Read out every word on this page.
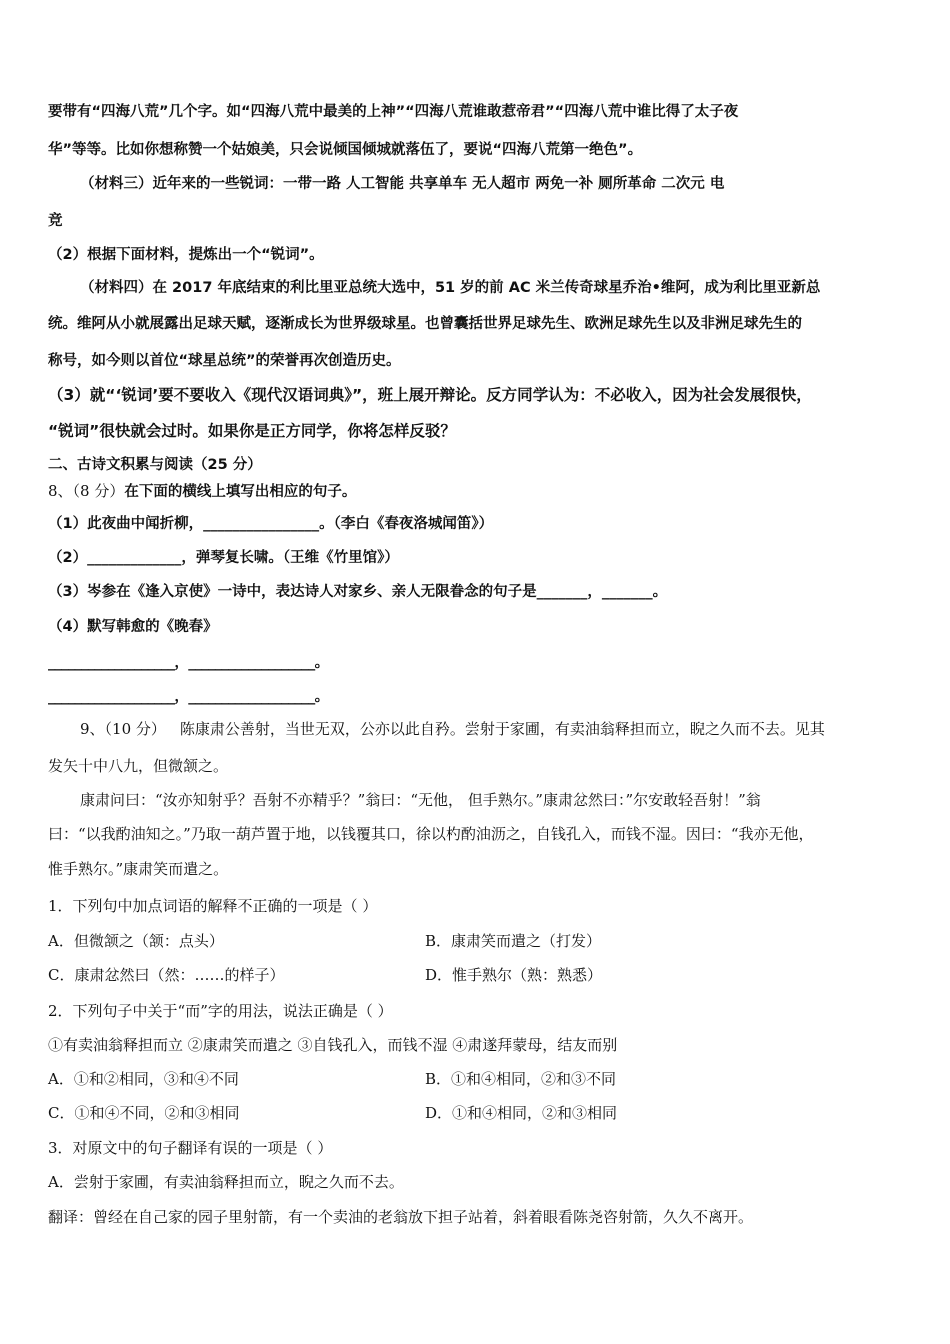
要带有“四海八荒”几个字。如“四海八荒中最美的上神”“四海八荒谁敢惹帝君”“四海八荒中谁比得了太子夜
华”等等。比如你想称赞一个姑娘美，只会说倾国倾城就落伍了，要说“四海八荒第一绝色”。
（材料三）近年来的一些锐词：一带一路 人工智能 共享单车 无人超市 两免一补 厕所革命 二次元 电
竞
（2）根据下面材料，提炼出一个“锐词”。
（材料四）在 2017 年底结束的利比里亚总统大选中，51 岁的前 AC 米兰传奇球星乔治•维阿，成为利比里亚新总
统。维阿从小就展露出足球天赋，逐渐成长为世界级球星。也曾囊括世界足球先生、欧洲足球先生以及非洲足球先生的
称号，如今则以首位“球星总统”的荣誉再次创造历史。
（3）就“‘锐词’要不要收入《现代汉语词典》”，班上展开辩论。反方同学认为：不必收入，因为社会发展很快，
“锐词”很快就会过时。如果你是正方同学，你将怎样反驳？
二、古诗文积累与阅读（25 分）
8、（8 分）在下面的横线上填写出相应的句子。
（1）此夜曲中闻折柳，________________。（李白《春夜洛城闻笛》）
（2）_____________，弹琴复长啸。（王维《竹里馆》）
（3）岑参在《逢入京使》一诗中，表达诗人对家乡、亲人无限眷念的句子是_______，_______。
（4）默写韩愈的《晚春》
___________________，___________________。
___________________，___________________。
9、（10 分） 陈康肃公善射，当世无双，公亦以此自矜。尝射于家圃，有卖油翁释担而立，睨之久而不去。见其
发矢十中八九，但微颔之。
康肃问曰：“汝亦知射乎？吾射不亦精乎？”翁曰：“无他， 但手熟尔。”康肃忿然曰：”尔安敢轻吾射！”翁
曰：“以我酌油知之。”乃取一葫芦置于地，以钱覆其口，徐以杓酌油沥之，自钱孔入，而钱不湿。因曰：“我亦无他，
惟手熟尔。”康肃笑而遣之。
1．下列句中加点词语的解释不正确的一项是（ ）
A．但微颔之（颔：点头）	B．康肃笑而遣之（打发）
C．康肃忿然曰（然：……的样子）	D．惟手熟尔（熟：熟悉）
2．下列句子中关于“而”字的用法，说法正确是（ ）
①有卖油翁释担而立 ②康肃笑而遣之 ③自钱孔入，而钱不湿 ④肃遂拜蒙母，结友而别
A．①和②相同，③和④不同	B．①和④相同，②和③不同
C．①和④不同，②和③相同	D．①和④相同，②和③相同
3．对原文中的句子翻译有误的一项是（ ）
A．尝射于家圃，有卖油翁释担而立，睨之久而不去。
翻译：曾经在自己家的园子里射箭，有一个卖油的老翁放下担子站着，斜着眼看陈尧咨射箭，久久不离开。
